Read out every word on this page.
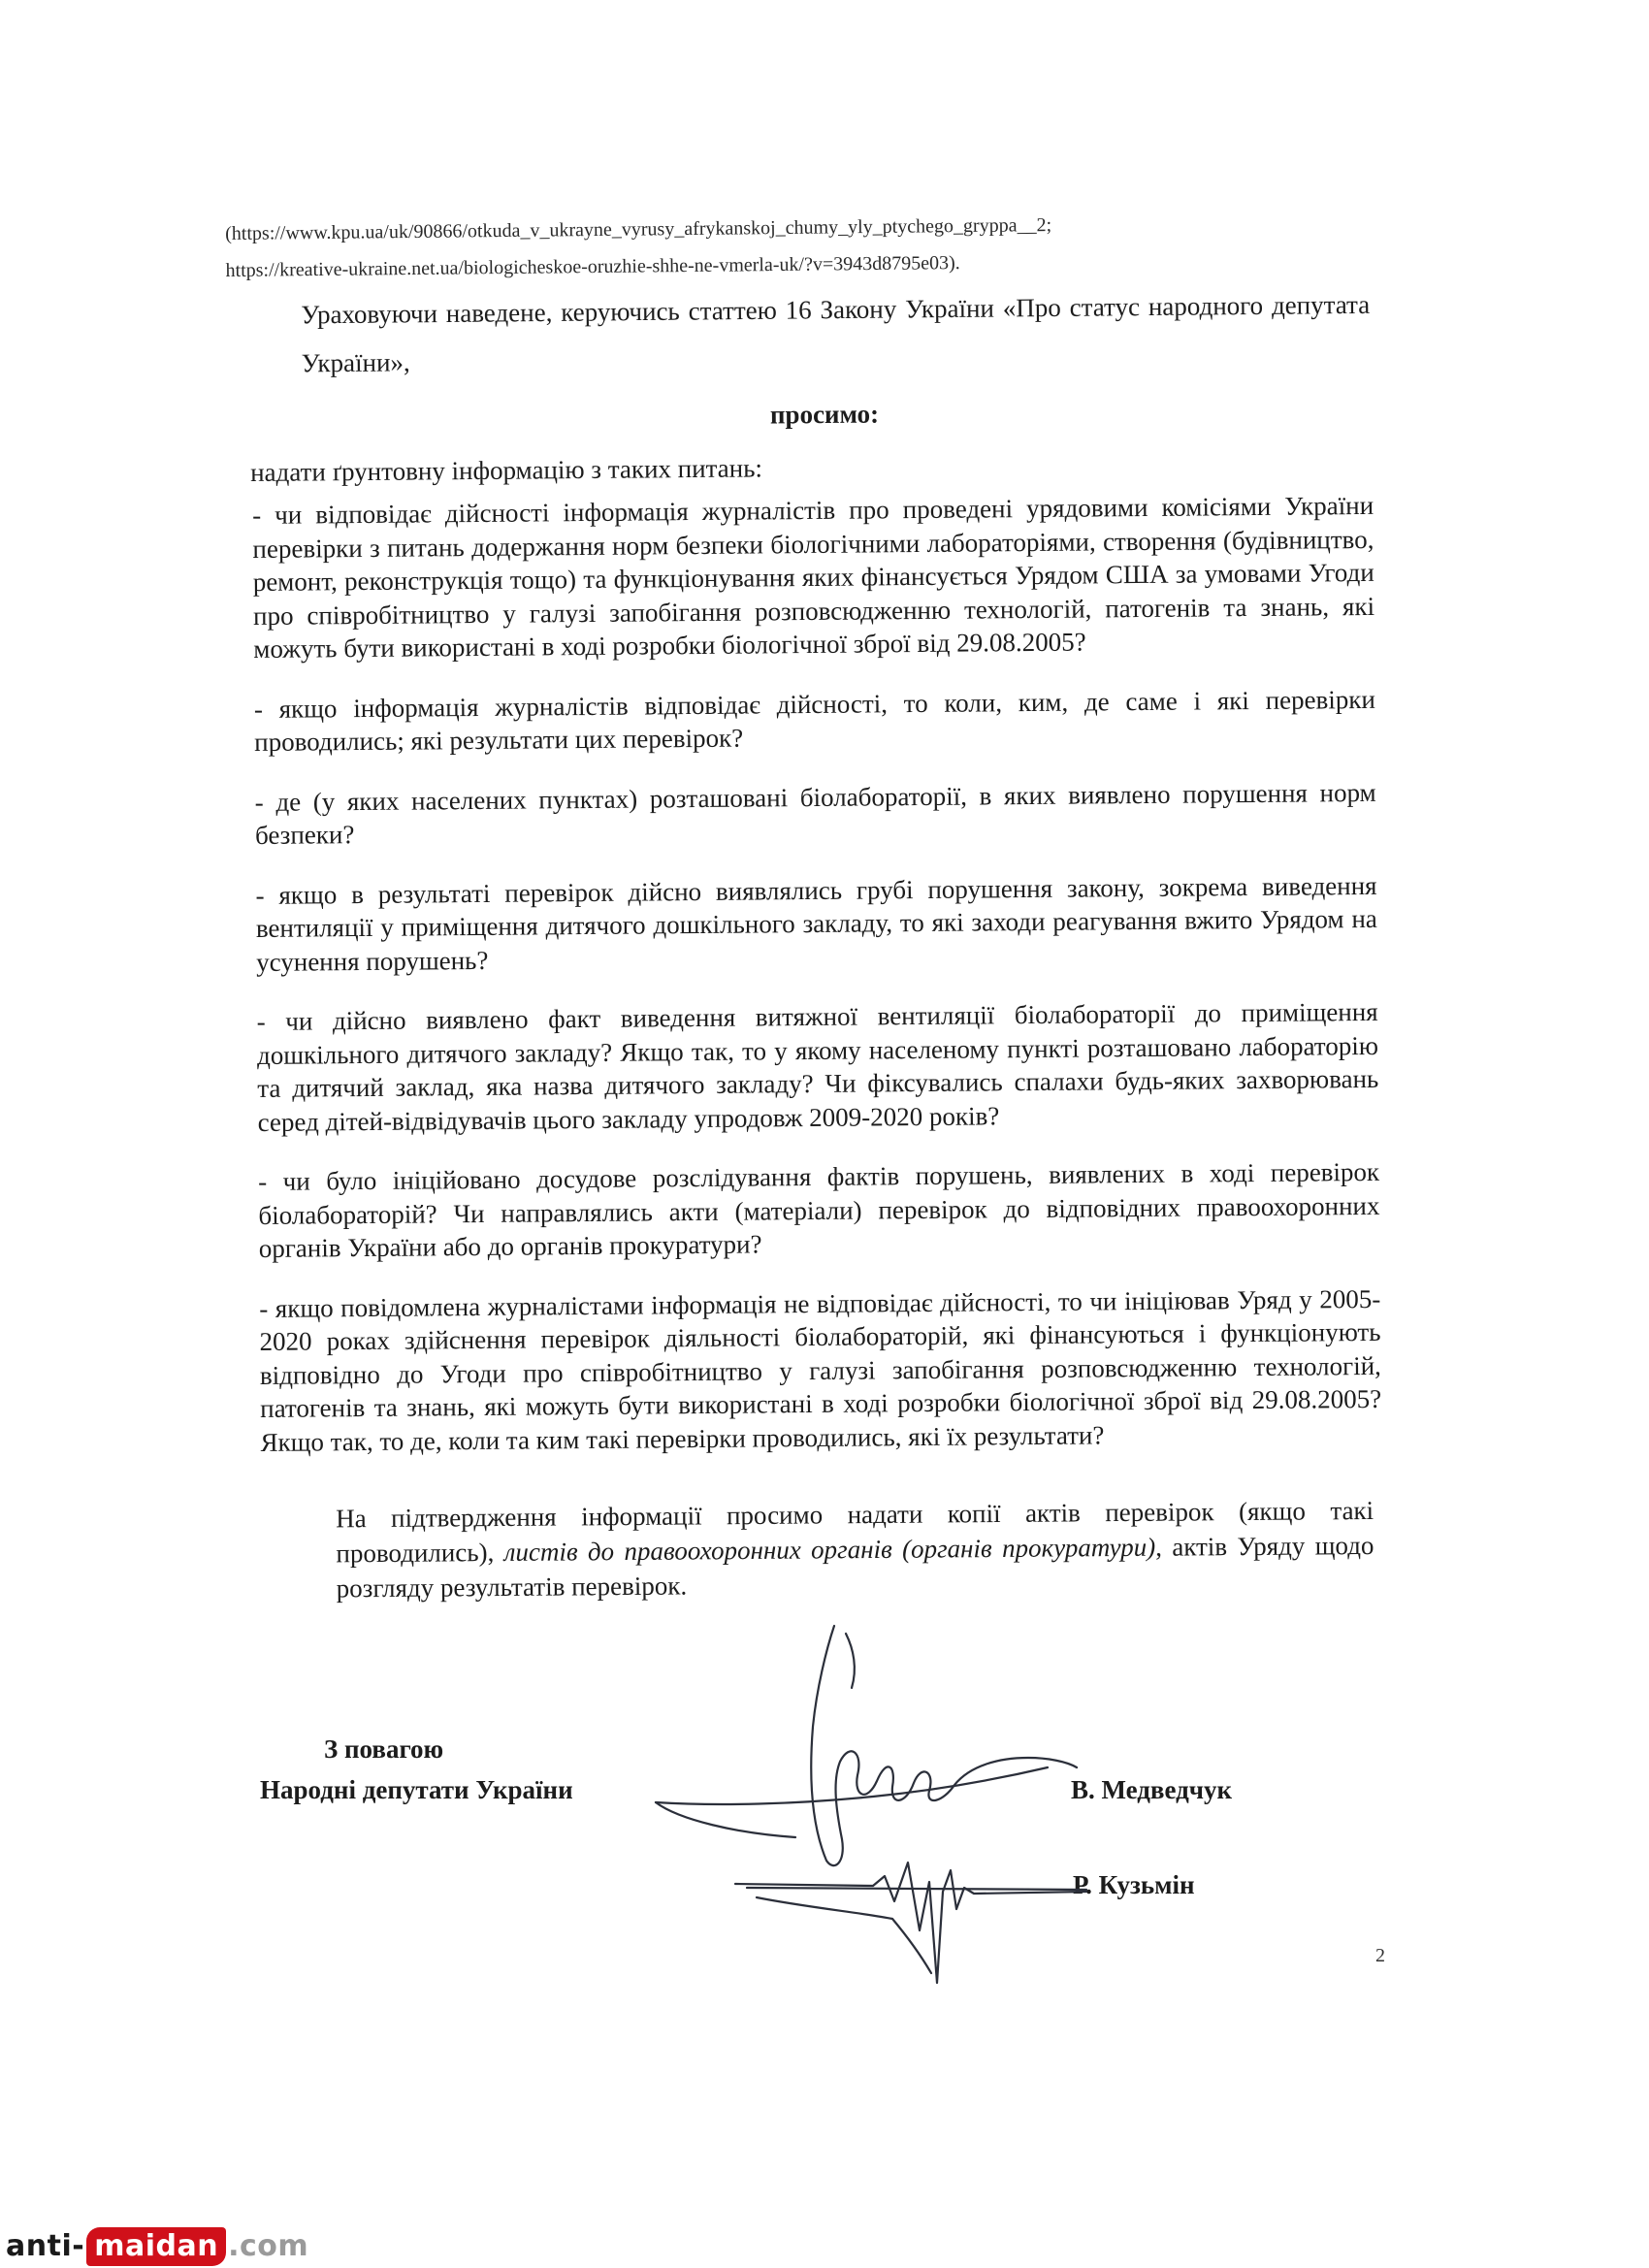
(https://www.kpu.ua/uk/90866/otkuda_v_ukrayne_vyrusy_afrykanskoj_chumy_yly_ptychego_gryppa__2;
https://kreative-ukraine.net.ua/biologicheskoe-oruzhie-shhe-ne-vmerla-uk/?v=3943d8795e03).
Ураховуючи наведене, керуючись статтею 16 Закону України «Про статус народного депутата України»,
просимо:
надати ґрунтовну інформацію з таких питань:

- чи відповідає дійсності інформація журналістів про проведені урядовими комісіями України перевірки з питань додержання норм безпеки біологічними лабораторіями, створення (будівництво, ремонт, реконструкція тощо) та функціонування яких фінансується Урядом США за умовами Угоди про співробітництво у галузі запобігання розповсюдженню технологій, патогенів та знань, які можуть бути використані в ході розробки біологічної зброї від 29.08.2005?

- якщо інформація журналістів відповідає дійсності, то коли, ким, де саме і які перевірки проводились; які результати цих перевірок?

- де (у яких населених пунктах) розташовані біолабораторії, в яких виявлено порушення норм безпеки?

- якщо в результаті перевірок дійсно виявлялись грубі порушення закону, зокрема виведення вентиляції у приміщення дитячого дошкільного закладу, то які заходи реагування вжито Урядом на усунення порушень?

- чи дійсно виявлено факт виведення витяжної вентиляції біолабораторії до приміщення дошкільного дитячого закладу? Якщо так, то у якому населеному пункті розташовано лабораторію та дитячий заклад, яка назва дитячого закладу? Чи фіксувались спалахи будь-яких захворювань серед дітей-відвідувачів цього закладу упродовж 2009-2020 років?

- чи було ініційовано досудове розслідування фактів порушень, виявлених в ході перевірок біолабораторій? Чи направлялись акти (матеріали) перевірок до відповідних правоохоронних органів України або до органів прокуратури?

- якщо повідомлена журналістами інформація не відповідає дійсності, то чи ініціював Уряд у 2005-2020 роках здійснення перевірок діяльності біолабораторій, які фінансуються і функціонують відповідно до Угоди про співробітництво у галузі запобігання розповсюдженню технологій, патогенів та знань, які можуть бути використані в ході розробки біологічної зброї від 29.08.2005? Якщо так, то де, коли та ким такі перевірки проводились, які їх результати?

На підтвердження інформації просимо надати копії актів перевірок (якщо такі проводились), листів до правоохоронних органів (органів прокуратури), актів Уряду щодо розгляду результатів перевірок.
З повагою
Народні депутати України	В. Медведчук
Р. Кузьмін
2
anti- maidan .com
